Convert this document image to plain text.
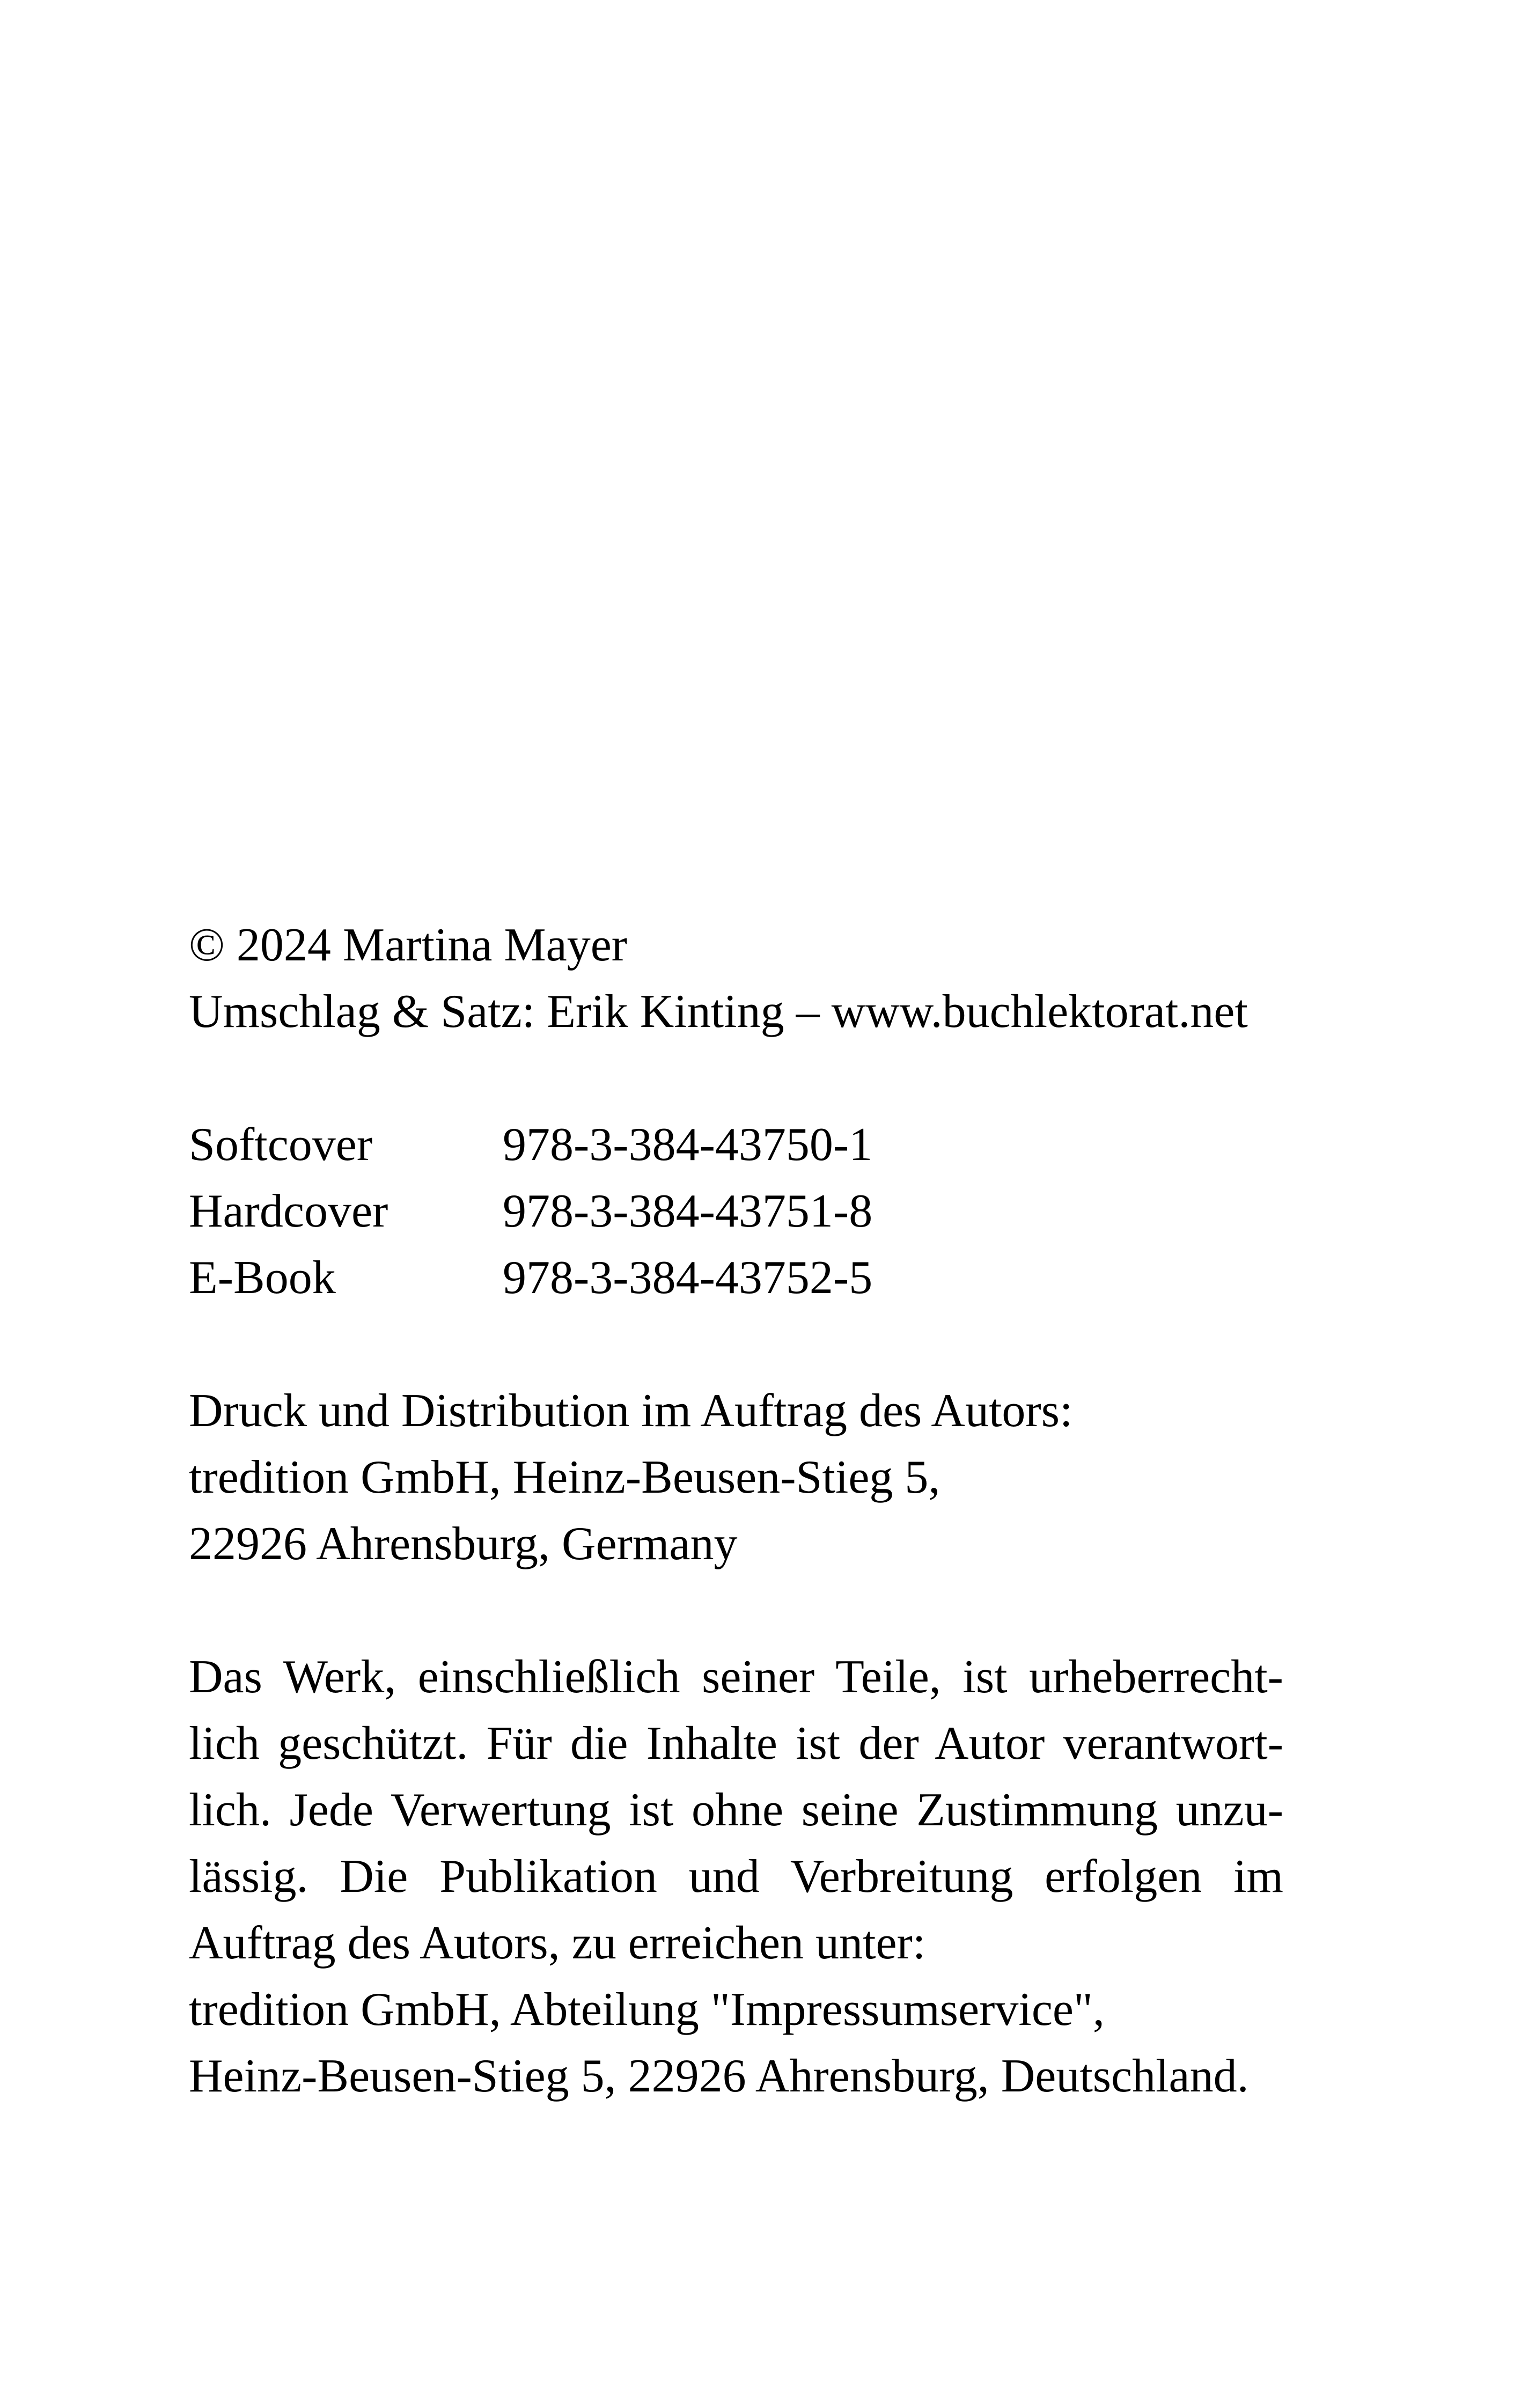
© 2024 Martina Mayer
Umschlag & Satz: Erik Kinting – www.buchlektorat.net
Softcover	978-3-384-43750-1
Hardcover	978-3-384-43751-8
E-Book	978-3-384-43752-5
Druck und Distribution im Auftrag des Autors:
tredition GmbH, Heinz-Beusen-Stieg 5,
22926 Ahrensburg, Germany
Das Werk, einschließlich seiner Teile, ist urheberrecht-
lich geschützt. Für die Inhalte ist der Autor verantwort-
lich. Jede Verwertung ist ohne seine Zustimmung unzu-
lässig. Die Publikation und Verbreitung erfolgen im
Auftrag des Autors, zu erreichen unter:
tredition GmbH, Abteilung "Impressumservice",
Heinz-Beusen-Stieg 5, 22926 Ahrensburg, Deutschland.
